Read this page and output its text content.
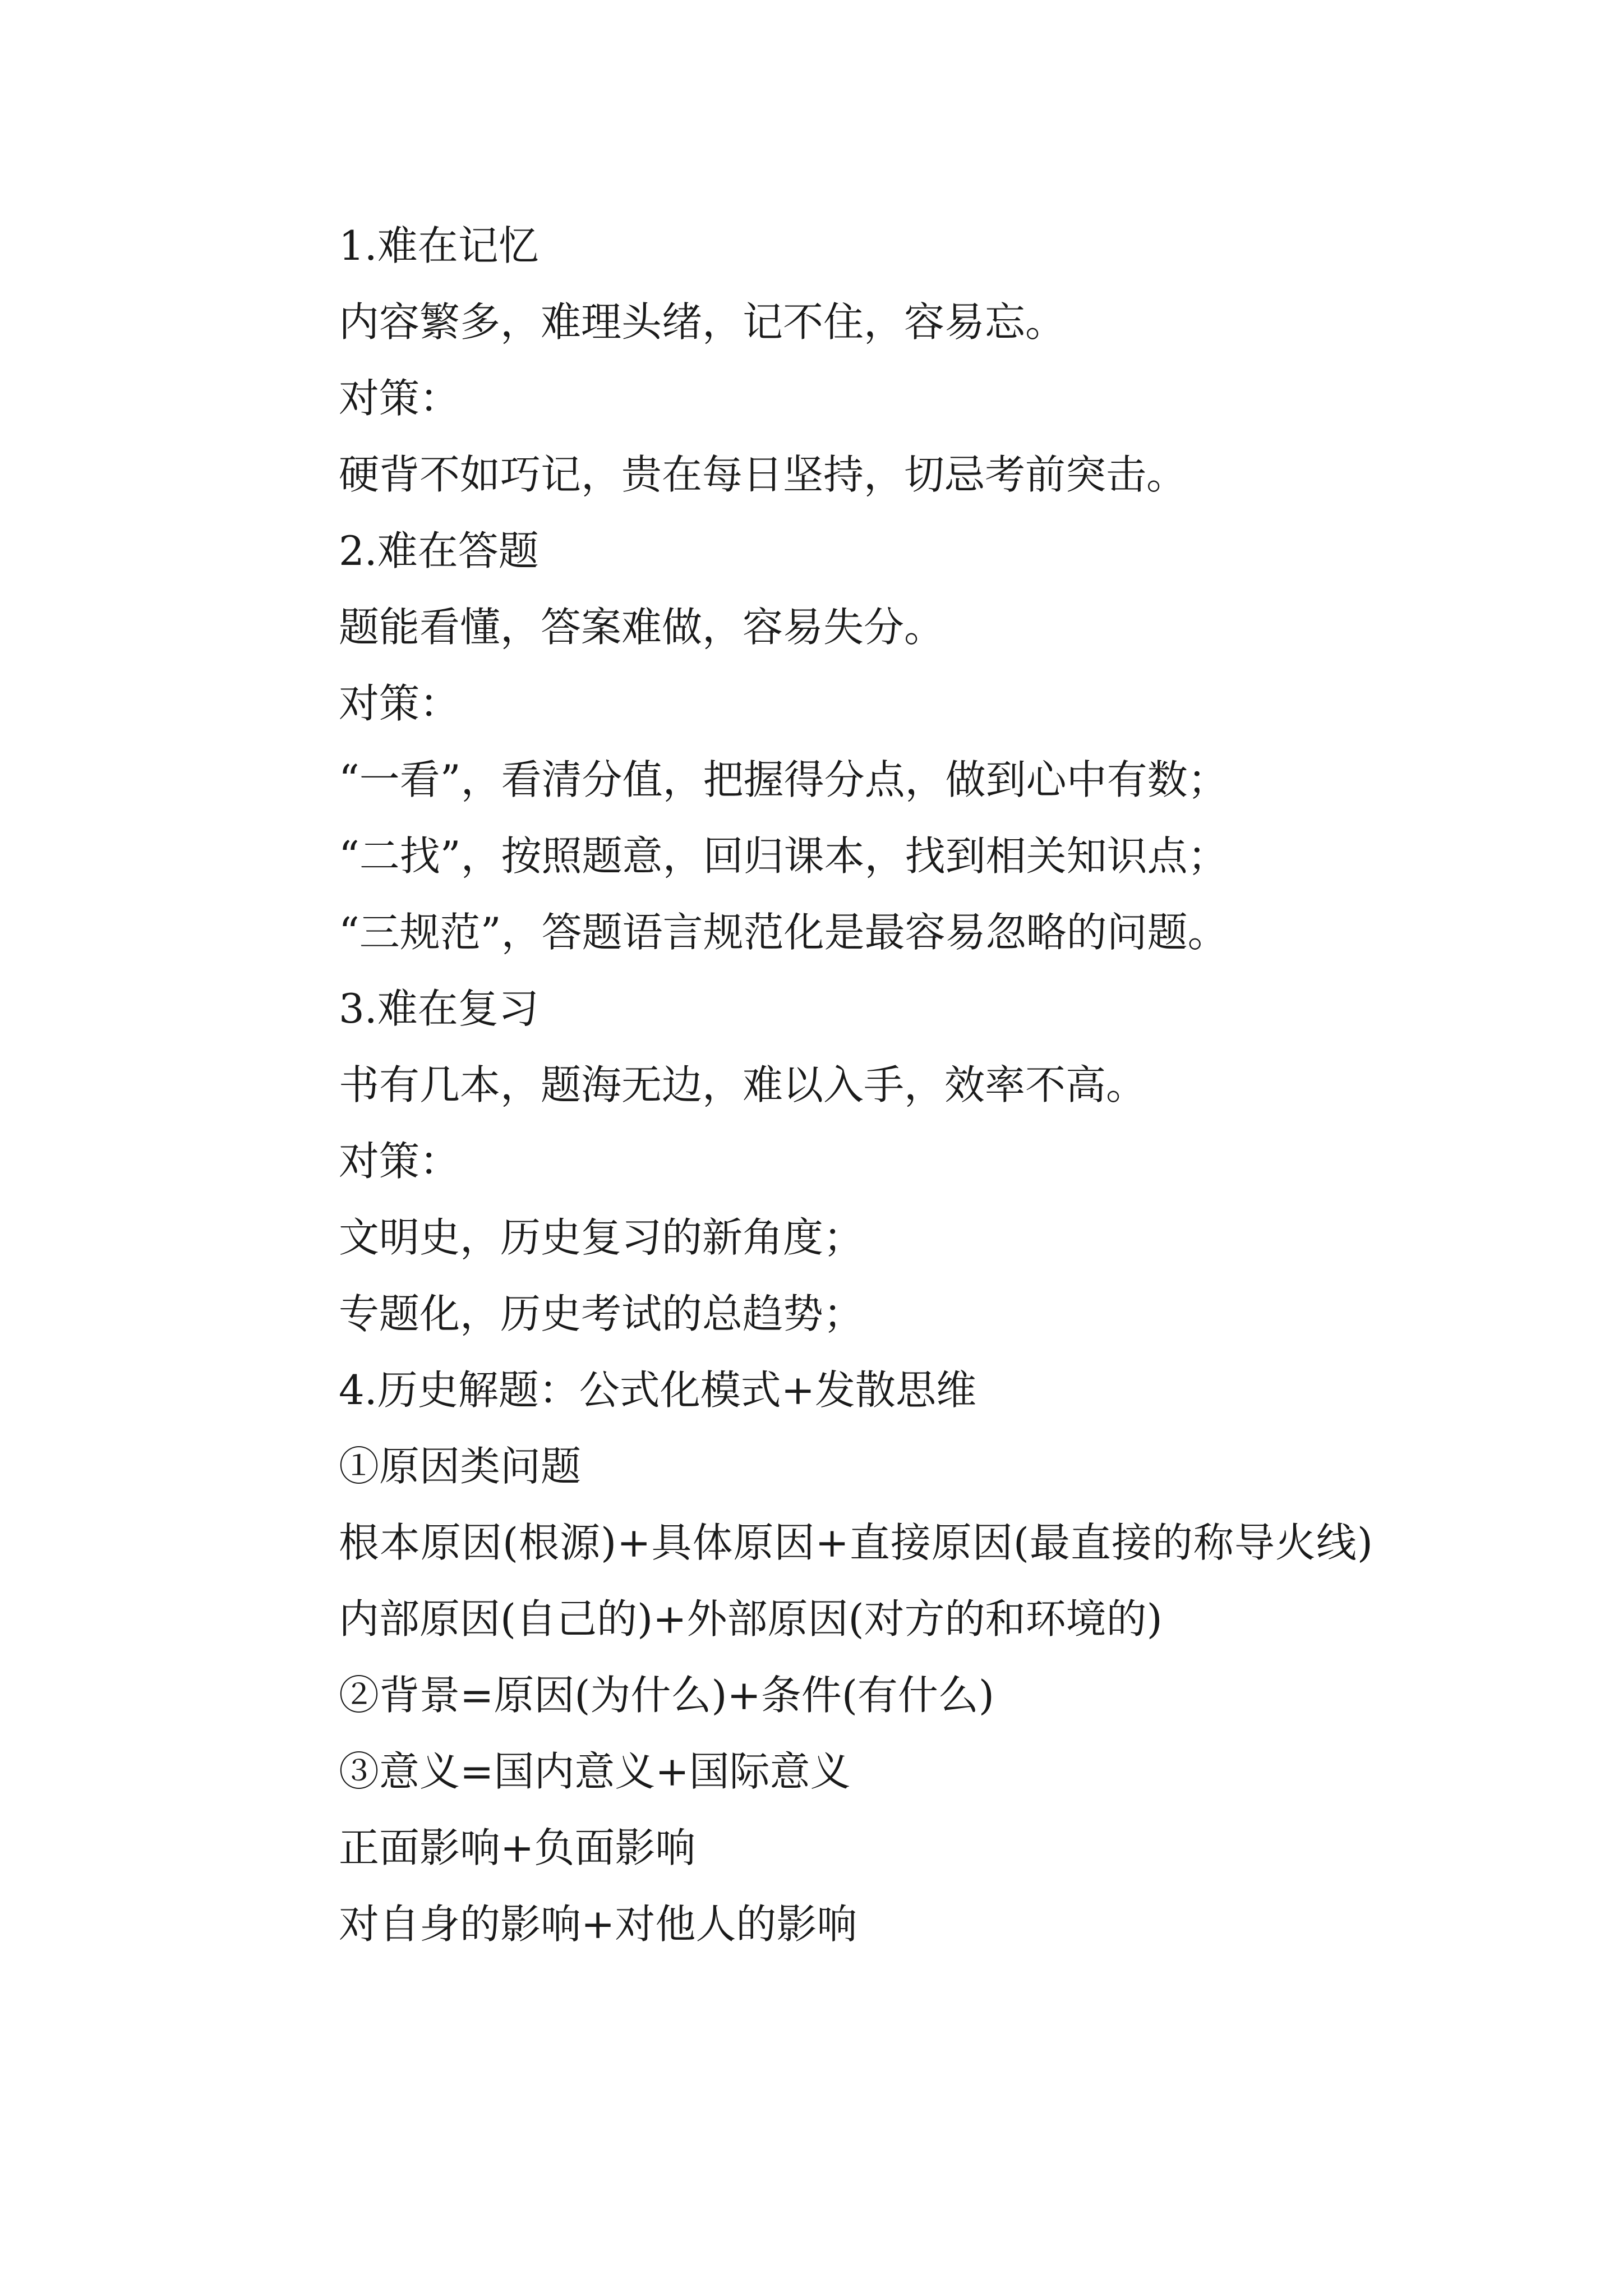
1.难在记忆
内容繁多，难理头绪，记不住，容易忘。
对策：
硬背不如巧记，贵在每日坚持，切忌考前突击。
2.难在答题
题能看懂，答案难做，容易失分。
对策：
“一看”，看清分值，把握得分点，做到心中有数；
“二找”，按照题意，回归课本，找到相关知识点；
“三规范”，答题语言规范化是最容易忽略的问题。
3.难在复习
书有几本，题海无边，难以入手，效率不高。
对策：
文明史，历史复习的新角度；
专题化，历史考试的总趋势；
4.历史解题：公式化模式+发散思维
①原因类问题
根本原因(根源)+具体原因+直接原因(最直接的称导火线)
内部原因(自己的)+外部原因(对方的和环境的)
②背景=原因(为什么)+条件(有什么)
③意义=国内意义+国际意义
正面影响+负面影响
对自身的影响+对他人的影响
